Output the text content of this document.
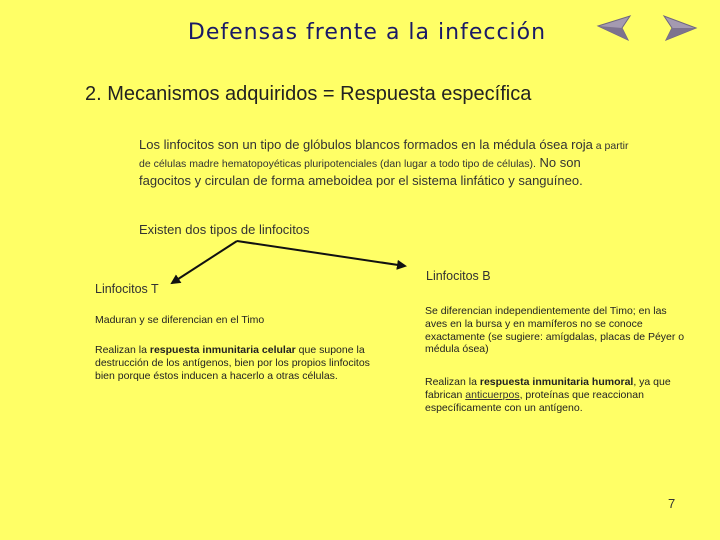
Defensas frente a la infección
2. Mecanismos adquiridos = Respuesta específica
Los linfocitos son un tipo de glóbulos blancos formados en la médula ósea roja a partir
de células madre hematopoyéticas pluripotenciales (dan lugar a todo tipo de células). No son
fagocitos y circulan de forma ameboidea por el sistema linfático y sanguíneo.
Existen dos tipos de linfocitos
Linfocitos T
Linfocitos B
Maduran y se diferencian en el Timo
Realizan la respuesta inmunitaria celular que supone la destrucción de los antígenos, bien por los propios linfocitos bien porque éstos inducen a hacerlo a otras células.
Se diferencian independientemente del Timo; en las aves en la bursa y en mamíferos no se conoce exactamente (se sugiere: amígdalas, placas de Péyer o médula ósea)
Realizan la respuesta inmunitaria humoral, ya que fabrican anticuerpos, proteínas que reaccionan específicamente con un antígeno.
7
